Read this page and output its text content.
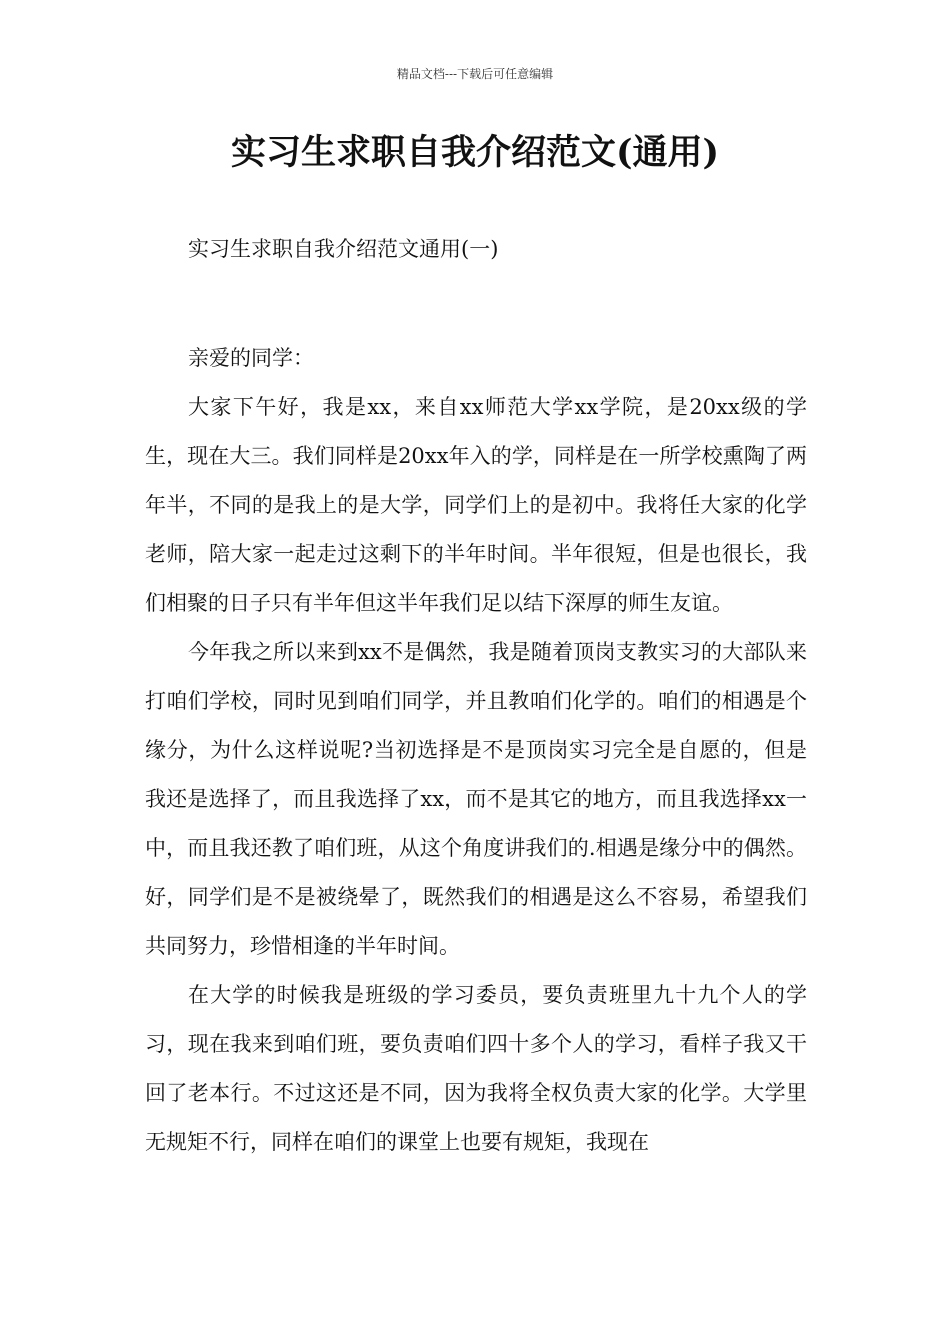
精品文档---下载后可任意编辑
实习生求职自我介绍范文(通用)
实习生求职自我介绍范文通用(一)

亲爱的同学：

大家下午好，我是xx，来自xx师范大学xx学院，是20xx级的学生，现在大三。我们同样是20xx年入的学，同样是在一所学校熏陶了两年半，不同的是我上的是大学，同学们上的是初中。我将任大家的化学老师，陪大家一起走过这剩下的半年时间。半年很短，但是也很长，我们相聚的日子只有半年但这半年我们足以结下深厚的师生友谊。

今年我之所以来到xx不是偶然，我是随着顶岗支教实习的大部队来打咱们学校，同时见到咱们同学，并且教咱们化学的。咱们的相遇是个缘分，为什么这样说呢?当初选择是不是顶岗实习完全是自愿的，但是我还是选择了，而且我选择了xx，而不是其它的地方，而且我选择xx一中，而且我还教了咱们班，从这个角度讲我们的.相遇是缘分中的偶然。好，同学们是不是被绕晕了，既然我们的相遇是这么不容易，希望我们共同努力，珍惜相逢的半年时间。

在大学的时候我是班级的学习委员，要负责班里九十九个人的学习，现在我来到咱们班，要负责咱们四十多个人的学习，看样子我又干回了老本行。不过这还是不同，因为我将全权负责大家的化学。大学里无规矩不行，同样在咱们的课堂上也要有规矩，我现在
